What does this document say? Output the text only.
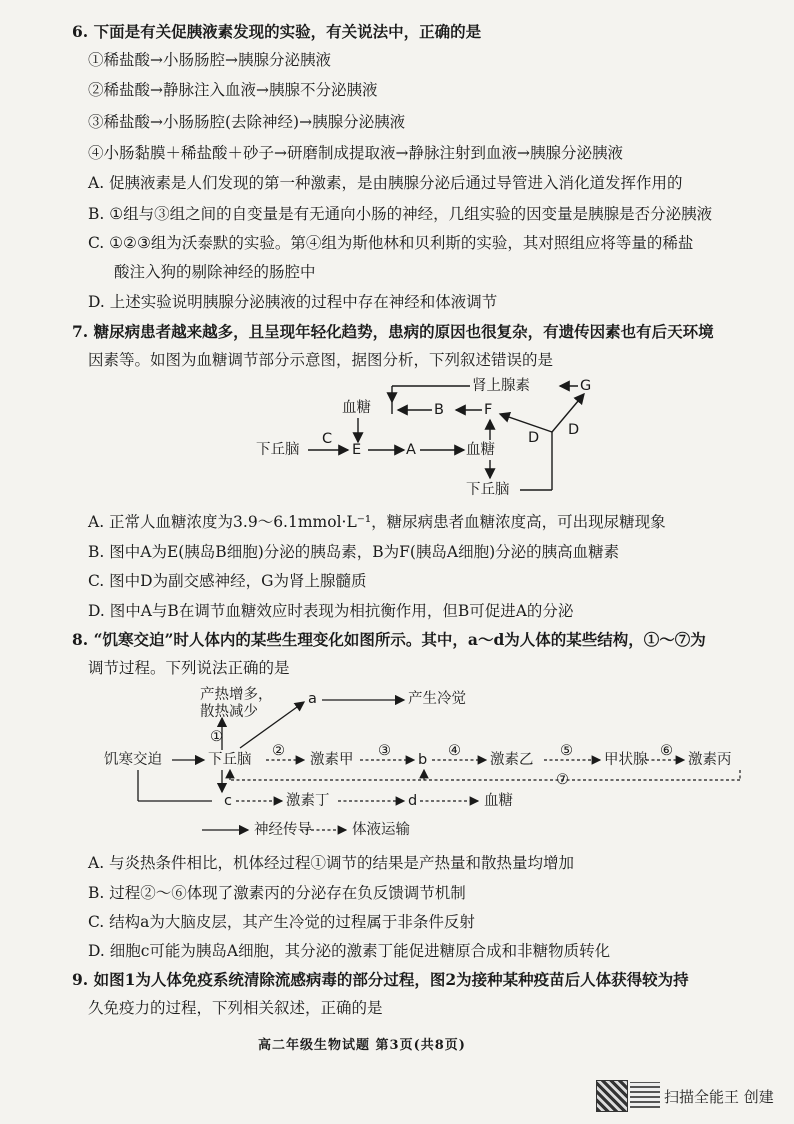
6. 下面是有关促胰液素发现的实验，有关说法中，正确的是
①稀盐酸→小肠肠腔→胰腺分泌胰液
②稀盐酸→静脉注入血液→胰腺不分泌胰液
③稀盐酸→小肠肠腔(去除神经)→胰腺分泌胰液
④小肠黏膜＋稀盐酸＋砂子→研磨制成提取液→静脉注射到血液→胰腺分泌胰液
A. 促胰液素是人们发现的第一种激素，是由胰腺分泌后通过导管进入消化道发挥作用的
B. ①组与③组之间的自变量是有无通向小肠的神经，几组实验的因变量是胰腺是否分泌胰液
C. ①②③组为沃泰默的实验。第④组为斯他林和贝利斯的实验，其对照组应将等量的稀盐
酸注入狗的剔除神经的肠腔中
D. 上述实验说明胰腺分泌胰液的过程中存在神经和体液调节
7. 糖尿病患者越来越多，且呈现年轻化趋势，患病的原因也很复杂，有遗传因素也有后天环境
因素等。如图为血糖调节部分示意图，据图分析，下列叙述错误的是
肾上腺素	G
血糖	B	F
下丘脑
C
E	A	血糖
D D
下丘脑
A. 正常人血糖浓度为3.9～6.1mmol·L⁻¹，糖尿病患者血糖浓度高，可出现尿糖现象
B. 图中A为E(胰岛B细胞)分泌的胰岛素，B为F(胰岛A细胞)分泌的胰高血糖素
C. 图中D为副交感神经，G为肾上腺髓质
D. 图中A与B在调节血糖效应时表现为相抗衡作用，但B可促进A的分泌
8. “饥寒交迫”时人体内的某些生理变化如图所示。其中，a～d为人体的某些结构，①～⑦为
调节过程。下列说法正确的是
产热增多，
散热减少
a	产生冷觉
①
饥寒交迫	下丘脑
②
激素甲
③
b
④
激素乙
⑤
甲状腺
⑥
激素丙
⑦
c	激素丁	d	血糖
神经传导	体液运输
A. 与炎热条件相比，机体经过程①调节的结果是产热量和散热量均增加
B. 过程②～⑥体现了激素丙的分泌存在负反馈调节机制
C. 结构a为大脑皮层，其产生冷觉的过程属于非条件反射
D. 细胞c可能为胰岛A细胞，其分泌的激素丁能促进糖原合成和非糖物质转化
9. 如图1为人体免疫系统清除流感病毒的部分过程，图2为接种某种疫苗后人体获得较为持
久免疫力的过程，下列相关叙述，正确的是
高二年级生物试题 第3页(共8页)
扫描全能王 创建
